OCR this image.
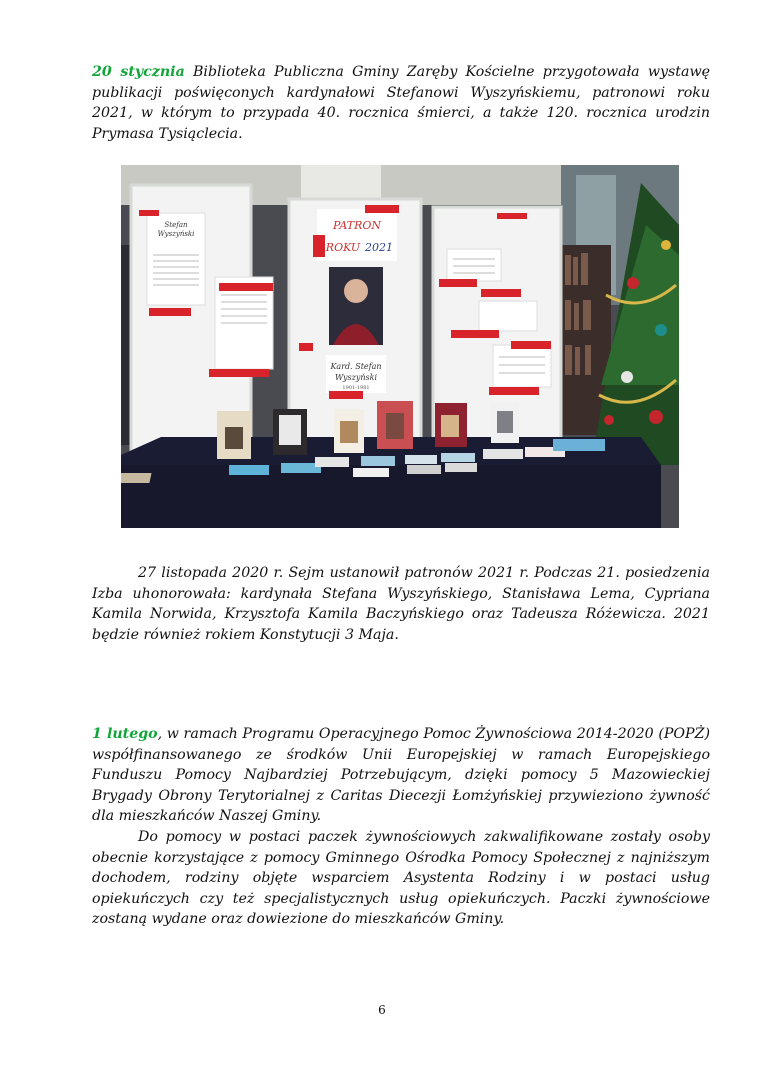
20 stycznia Biblioteka Publiczna Gminy Zaręby Kościelne przygotowała wystawę publikacji poświęconych kardynałowi Stefanowi Wyszyńskiemu, patronowi roku 2021, w którym to przypada 40. rocznica śmierci, a także 120. rocznica urodzin Prymasa Tysiąclecia.

Stefan
Wyszyński
PATRON
ROKU 2021
Kard. Stefan
Wyszyński
1901-1981

27 listopada 2020 r. Sejm ustanowił patronów 2021 r. Podczas 21. posiedzenia Izba uhonorowała: kardynała Stefana Wyszyńskiego, Stanisława Lema, Cypriana Kamila Norwida, Krzysztofa Kamila Baczyńskiego oraz Tadeusza Różewicza. 2021 będzie również rokiem Konstytucji 3 Maja.

1 lutego, w ramach Programu Operacyjnego Pomoc Żywnościowa 2014-2020 (POPŻ) współfinansowanego ze środków Unii Europejskiej w ramach Europejskiego Funduszu Pomocy Najbardziej Potrzebującym, dzięki pomocy 5 Mazowieckiej Brygady Obrony Terytorialnej z Caritas Diecezji Łomżyńskiej przywieziono żywność dla mieszkańców Naszej Gminy.

Do pomocy w postaci paczek żywnościowych zakwalifikowane zostały osoby obecnie korzystające z pomocy Gminnego Ośrodka Pomocy Społecznej z najniższym dochodem, rodziny objęte wsparciem Asystenta Rodziny i w postaci usług opiekuńczych czy też specjalistycznych usług opiekuńczych. Paczki żywnościowe zostaną wydane oraz dowiezione do mieszkańców Gminy.

6
